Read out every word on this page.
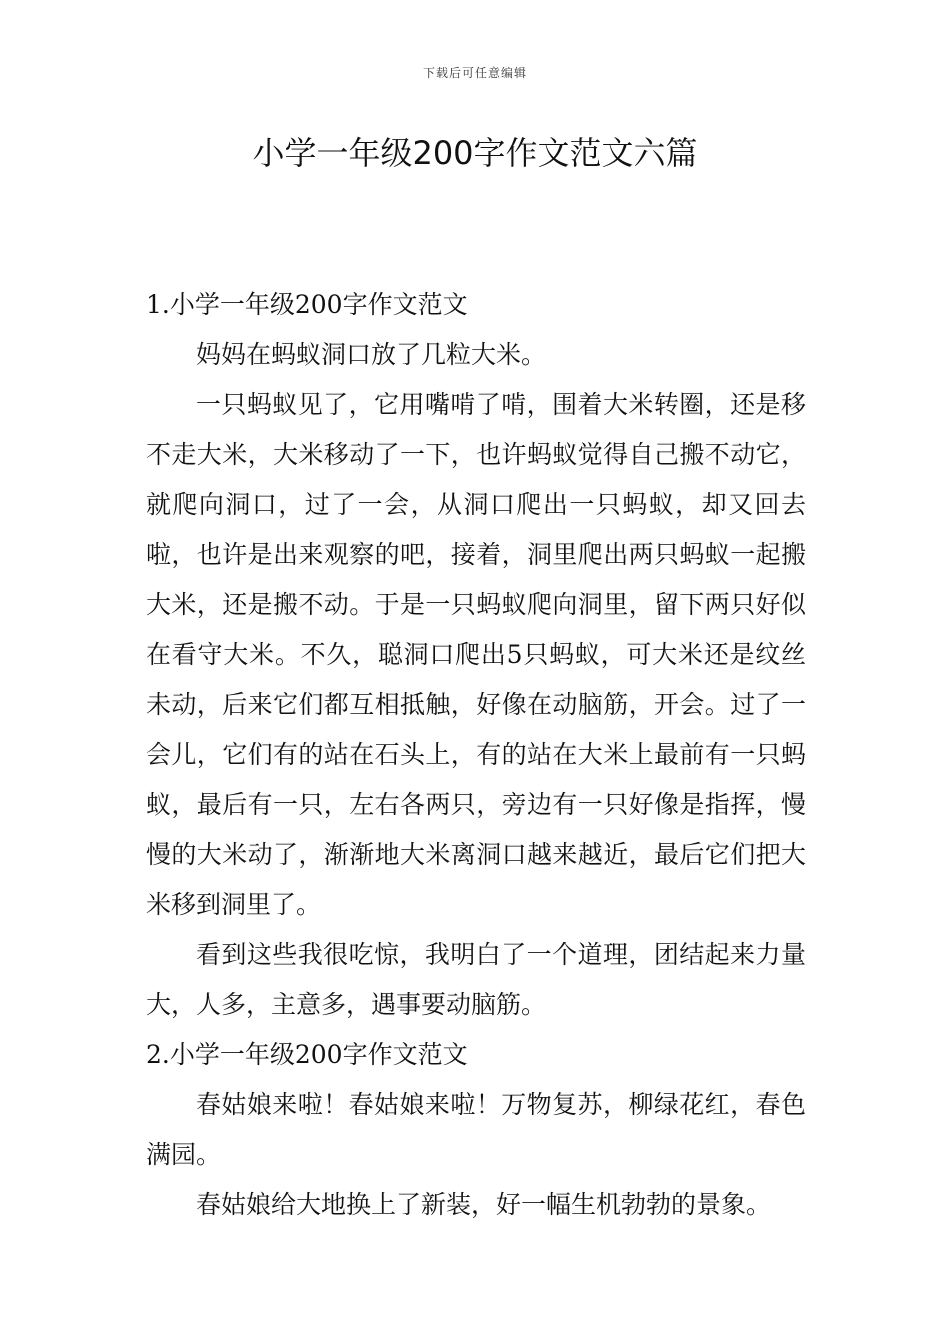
下载后可任意编辑
小学一年级200字作文范文六篇

1.小学一年级200字作文范文

妈妈在蚂蚁洞口放了几粒大米。

一只蚂蚁见了，它用嘴啃了啃，围着大米转圈，还是移不走大米，大米移动了一下，也许蚂蚁觉得自己搬不动它，就爬向洞口，过了一会，从洞口爬出一只蚂蚁，却又回去啦，也许是出来观察的吧，接着，洞里爬出两只蚂蚁一起搬大米，还是搬不动。于是一只蚂蚁爬向洞里，留下两只好似在看守大米。不久，聪洞口爬出5只蚂蚁，可大米还是纹丝未动，后来它们都互相抵触，好像在动脑筋，开会。过了一会儿，它们有的站在石头上，有的站在大米上最前有一只蚂蚁，最后有一只，左右各两只，旁边有一只好像是指挥，慢慢的大米动了，渐渐地大米离洞口越来越近，最后它们把大米移到洞里了。

看到这些我很吃惊，我明白了一个道理，团结起来力量大，人多，主意多，遇事要动脑筋。

2.小学一年级200字作文范文

春姑娘来啦！春姑娘来啦！万物复苏，柳绿花红，春色满园。

春姑娘给大地换上了新装，好一幅生机勃勃的景象。
